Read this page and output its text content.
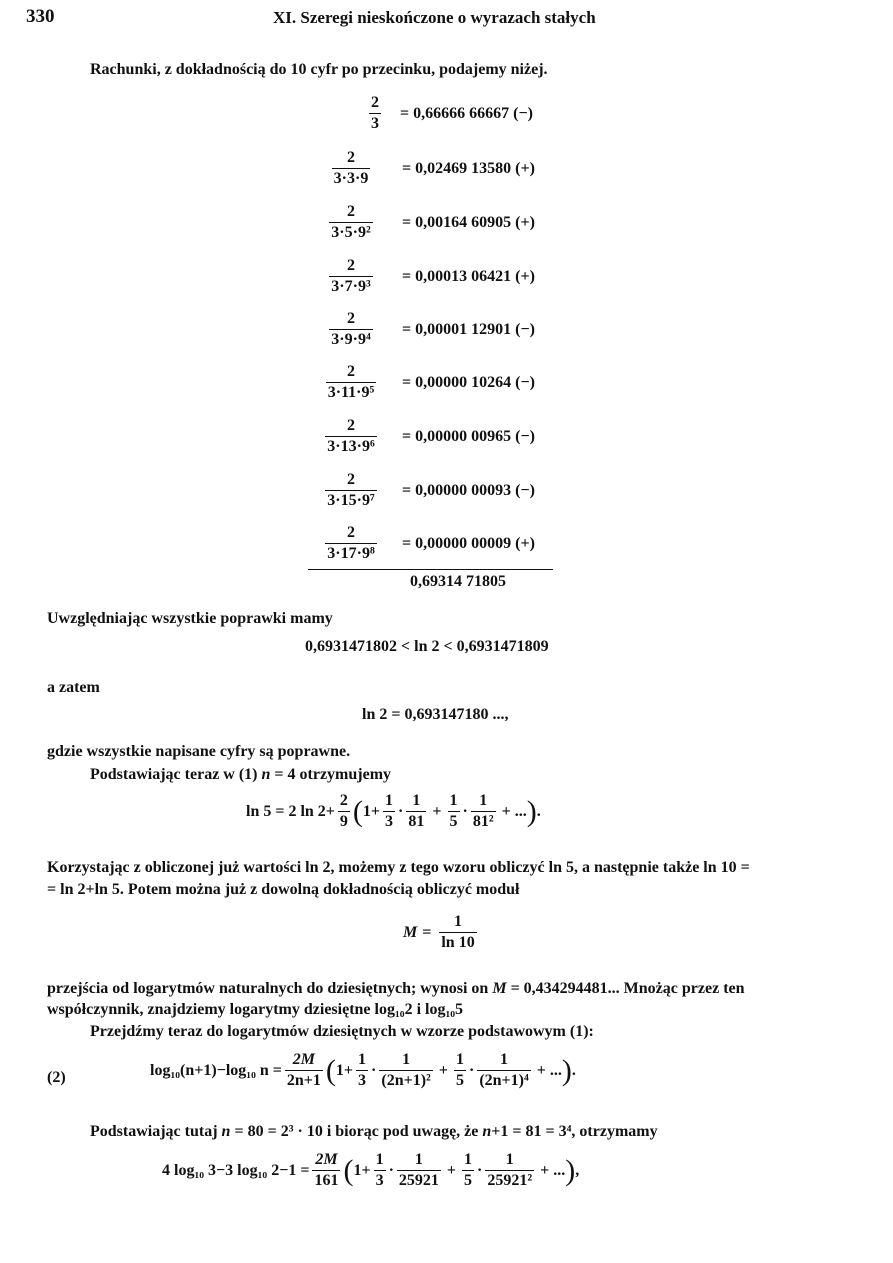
330	XI. Szeregi nieskończone o wyrazach stałych
Rachunki, z dokładnością do 10 cyfr po przecinku, podajemy niżej.
$\frac{2}{3} = 0,66666$ 66667 (−)
$\frac{2}{3\cdot 3\cdot 9} = 0,02469$ 13580 (+)
$\frac{2}{\text{3·5·9²}} = 0,00164$ 60905 (+)
$\frac{2}{\text{3·7·9³}} = 0,00013$ 06421 (+)
$\frac{2}{\text{3·9·9⁴}} = 0,00001$ 12901 (−)
$\frac{2}{\text{3·11·9⁵}} = 0,00000$ 10264 (−)
$\frac{2}{\text{3·13·9⁶}} = 0,00000$ 00965 (−)
$\frac{2}{\text{3·15·9⁷}} = 0,00000$ 00093 (−)
$\frac{2}{\text{3·17·9⁸}} = 0,00000$ 00009 (+)
0,69314 71805
Uwzględniając wszystkie poprawki mamy
0,6931471802 < ln 2 < 0,6931471809
a zatem
ln 2 = 0,693147180 ...,
gdzie wszystkie napisane cyfry są poprawne.
Podstawiając teraz w (1) n = 4 otrzymujemy
ln 5 = 2 $\ln 2+ \frac{2}{9}$ ( $1+ \frac{1}{3} \cdot \frac{1}{81} + \frac{1}{5} \cdot \frac{1}{\text{81²}}$ + ... ) .
Korzystając z obliczonej już wartości ln 2, możemy z tego wzoru obliczyć ln 5, a następnie także ln 10 =
= ln 2+ln 5. Potem można już z dowolną dokładnością obliczyć moduł
$M = \frac{1}{\ln 10}$
przejścia od logarytmów naturalnych do dziesiętnych; wynosi on M = 0,434294481... Mnożąc przez ten
współczynnik, znajdziemy logarytmy dziesiętne log₁₀2 i log₁₀5
Przejdźmy teraz do logarytmów dziesiętnych w wzorze podstawowym (1):
(2)	log₁₀(n+1)−log₁₀ $n = \frac{2M}{2n+1}$ ( $1+ \frac{1}{3} \cdot \frac{1}{\text{(2n+1)²}} + \frac{1}{5} \cdot \frac{1}{\text{(2n+1)⁴}}$ + ... ) .
Podstawiając tutaj n = 80 = 2³ · 10 i biorąc pod uwagę, że n+1 = 81 = 3⁴, otrzymamy
4 log₁₀ 3−3 log₁₀ $2-1 = \frac{2M}{161}$ ( $1+ \frac{1}{3} \cdot \frac{1}{25921} + \frac{1}{5} \cdot \frac{1}{\text{25921²}}$ + ... ) ,
